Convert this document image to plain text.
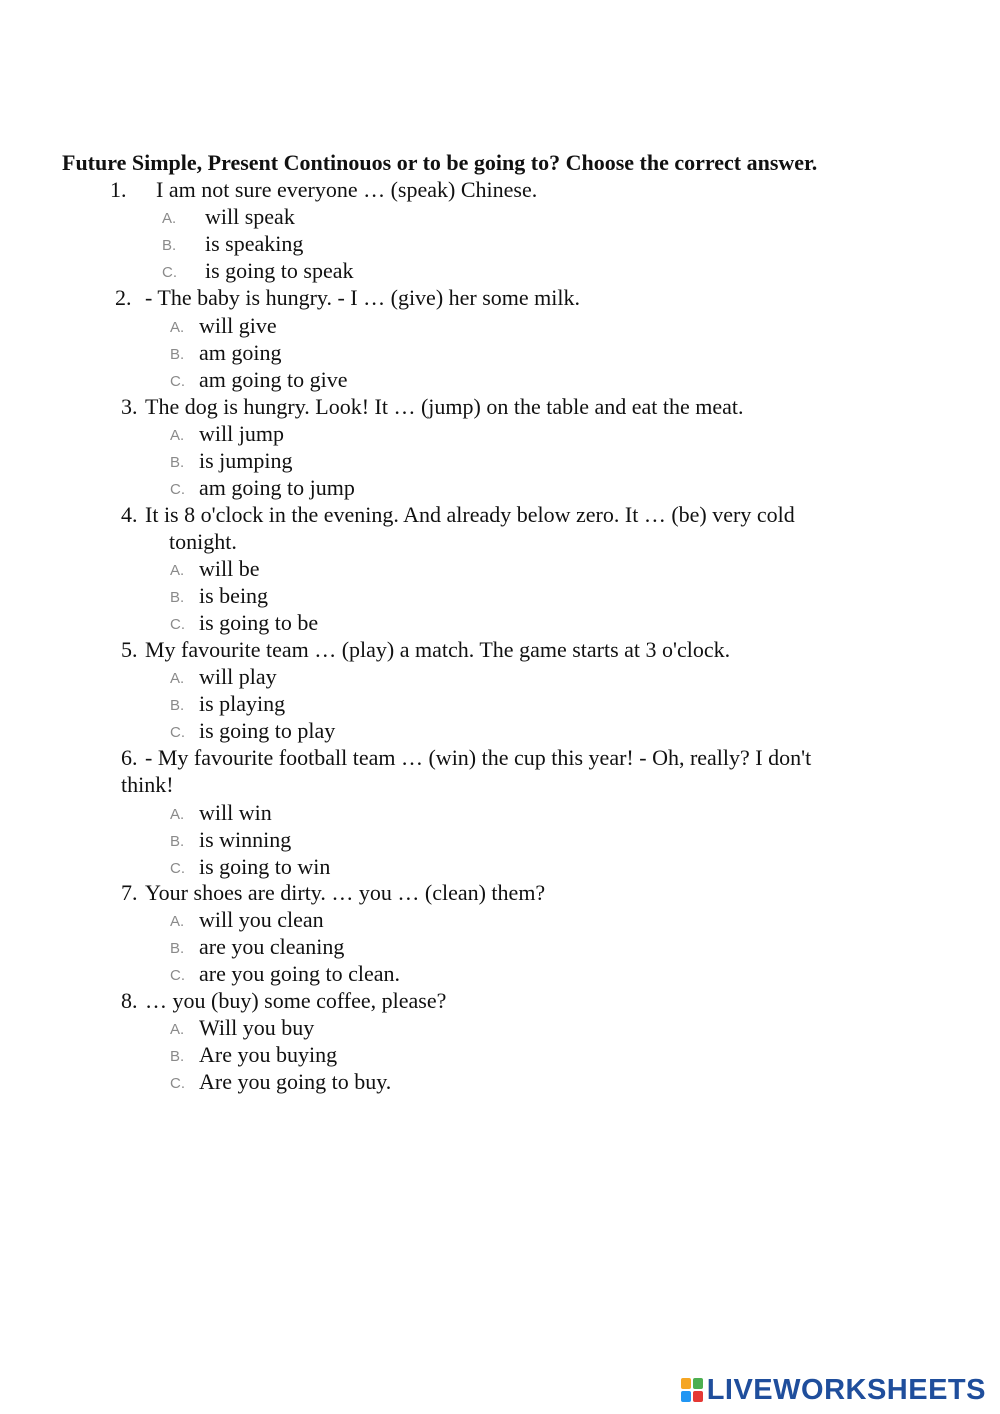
Future Simple, Present Continouos or to be going to? Choose the correct answer.
1. I am not sure everyone … (speak) Chinese.
A. will speak
B. is speaking
C. is going to speak
2. - The baby is hungry. - I … (give) her some milk.
A. will give
B. am going
C. am going to give
3. The dog is hungry. Look! It … (jump) on the table and eat the meat.
A. will jump
B. is jumping
C. am going to jump
4. It is 8 o'clock in the evening. And already below zero. It … (be) very cold
tonight.
A. will be
B. is being
C. is going to be
5. My favourite team … (play) a match. The game starts at 3 o'clock.
A. will play
B. is playing
C. is going to play
6. - My favourite football team … (win) the cup this year! - Oh, really? I don't
think!
A. will win
B. is winning
C. is going to win
7. Your shoes are dirty. … you … (clean) them?
A. will you clean
B. are you cleaning
C. are you going to clean.
8. … you (buy) some coffee, please?
A. Will you buy
B. Are you buying
C. Are you going to buy.
LIVEWORKSHEETS
